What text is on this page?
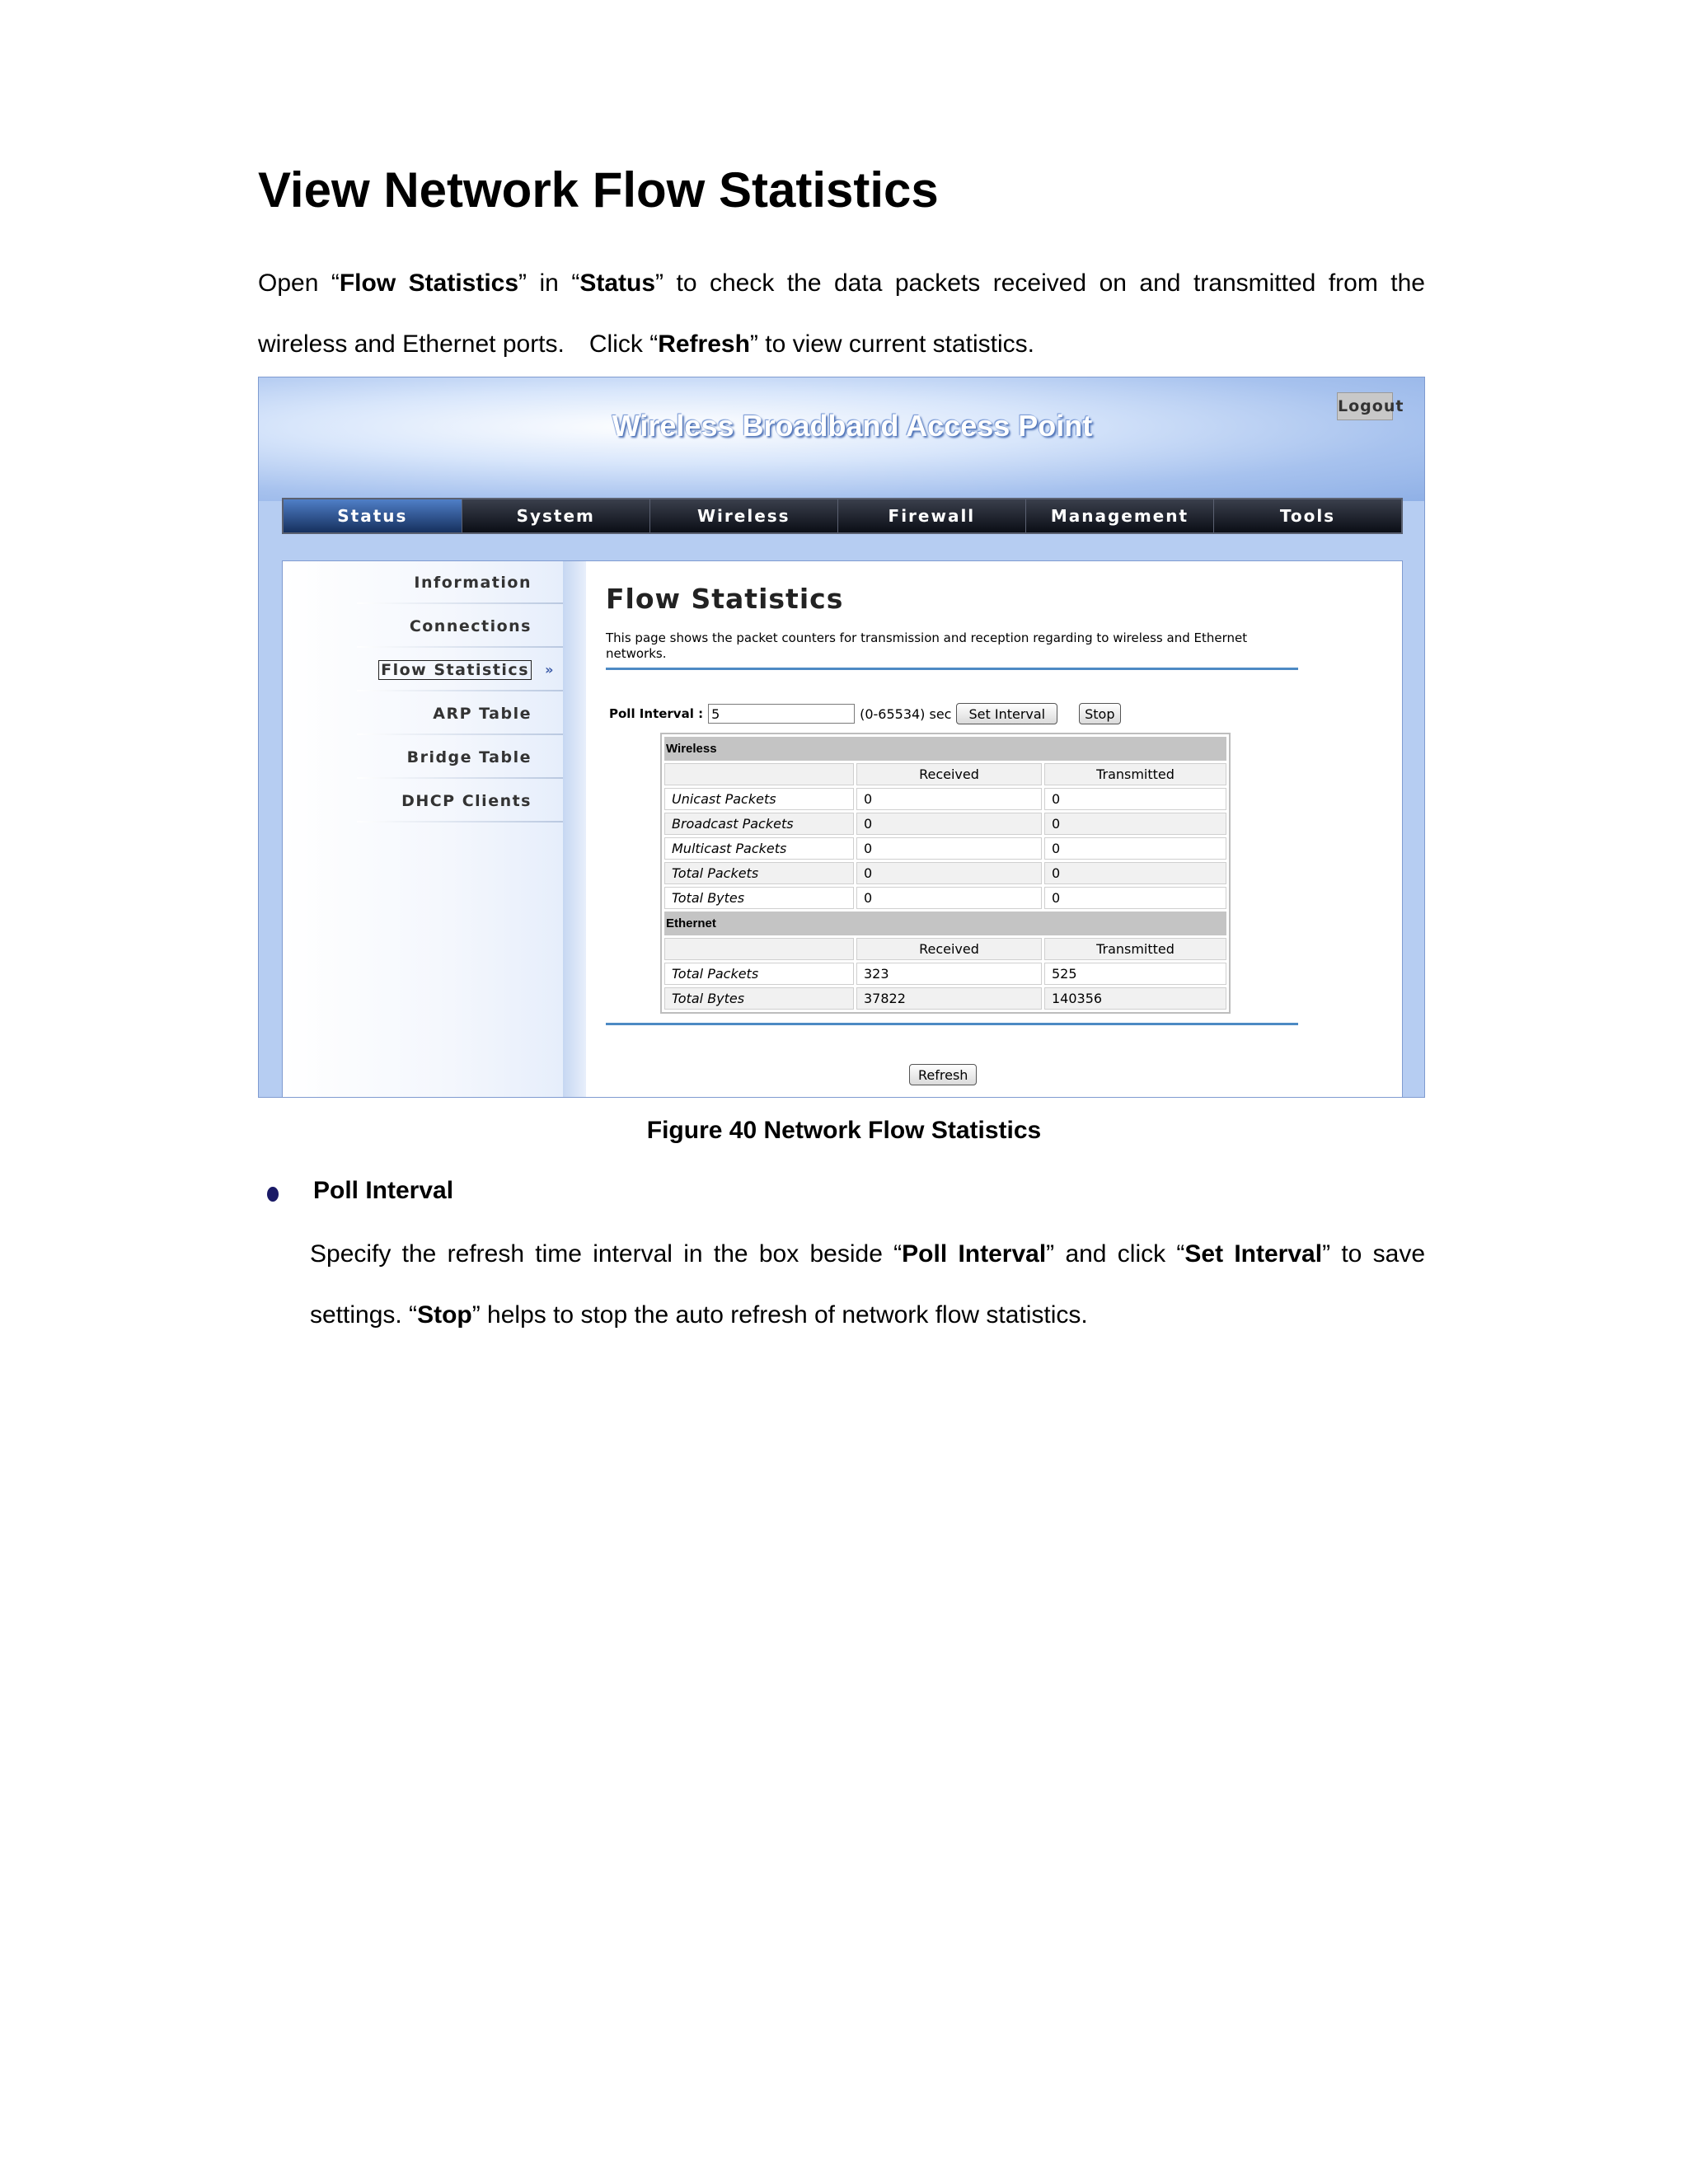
View Network Flow Statistics
Open “Flow Statistics” in “Status” to check the data packets received on and transmitted from the
wireless and Ethernet ports. Click “Refresh” to view current statistics.
Wireless Broadband Access Point
Logout
Status	System	Wireless	Firewall	Management	Tools
Information
Connections
Flow Statistics »
ARP Table
Bridge Table
DHCP Clients
Flow Statistics
This page shows the packet counters for transmission and reception regarding to wireless and Ethernet networks.
Poll Interval :
5	(0-65534) sec	Set Interval	Stop
Wireless		
	Received	Transmitted
Unicast Packets	0	0
Broadcast Packets	0	0
Multicast Packets	0	0
Total Packets	0	0
Total Bytes	0	0
Ethernet		
	Received	Transmitted
Total Packets	323	525
Total Bytes	37822	140356
Refresh
Figure 40 Network Flow Statistics
Poll Interval
Specify the refresh time interval in the box beside “Poll Interval” and click “Set Interval” to save
settings. “Stop” helps to stop the auto refresh of network flow statistics.
